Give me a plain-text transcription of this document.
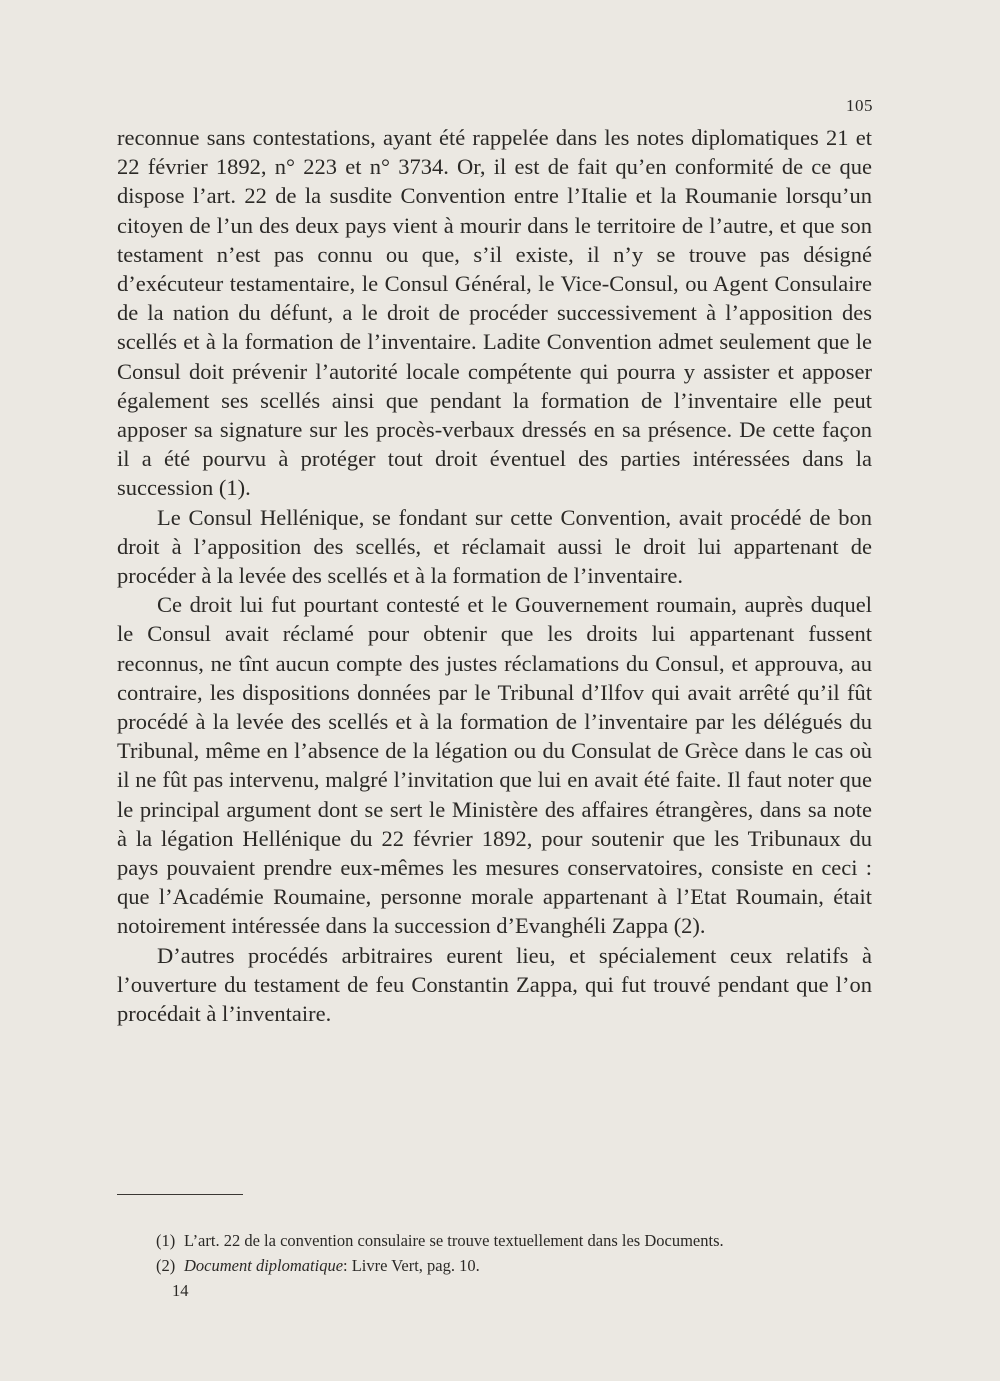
105

reconnue sans contestations, ayant été rappelée dans les notes diplomatiques 21 et 22 février 1892, n° 223 et n° 3734. Or, il est de fait qu’en conformité de ce que dispose l’art. 22 de la susdite Convention entre l’Italie et la Roumanie lorsqu’un citoyen de l’un des deux pays vient à mourir dans le territoire de l’autre, et que son testament n’est pas connu ou que, s’il existe, il n’y se trouve pas désigné d’exécuteur testamentaire, le Consul Général, le Vice-Consul, ou Agent Consulaire de la nation du défunt, a le droit de procéder successivement à l’apposition des scellés et à la formation de l’inventaire. Ladite Convention admet seulement que le Consul doit prévenir l’autorité locale compétente qui pourra y assister et apposer également ses scellés ainsi que pendant la formation de l’inventaire elle peut apposer sa signature sur les procès-verbaux dressés en sa présence. De cette façon il a été pourvu à protéger tout droit éventuel des parties intéressées dans la succession (1).

Le Consul Hellénique, se fondant sur cette Convention, avait procédé de bon droit à l’apposition des scellés, et réclamait aussi le droit lui appartenant de procéder à la levée des scellés et à la formation de l’inventaire.

Ce droit lui fut pourtant contesté et le Gouvernement roumain, auprès duquel le Consul avait réclamé pour obtenir que les droits lui appartenant fussent reconnus, ne tînt aucun compte des justes réclamations du Consul, et approuva, au contraire, les dispositions données par le Tribunal d’Ilfov qui avait arrêté qu’il fût procédé à la levée des scellés et à la formation de l’inventaire par les délégués du Tribunal, même en l’absence de la légation ou du Consulat de Grèce dans le cas où il ne fût pas intervenu, malgré l’invitation que lui en avait été faite. Il faut noter que le principal argument dont se sert le Ministère des affaires étrangères, dans sa note à la légation Hellénique du 22 février 1892, pour soutenir que les Tribunaux du pays pouvaient prendre eux-mêmes les mesures conservatoires, consiste en ceci : que l’Académie Roumaine, personne morale appartenant à l’Etat Roumain, était notoirement intéressée dans la succession d’Evanghéli Zappa (2).

D’autres procédés arbitraires eurent lieu, et spécialement ceux relatifs à l’ouverture du testament de feu Constantin Zappa, qui fut trouvé pendant que l’on procédait à l’inventaire.

(1) L’art. 22 de la convention consulaire se trouve textuellement dans les Documents.

(2) Document diplomatique: Livre Vert, pag. 10.

14
